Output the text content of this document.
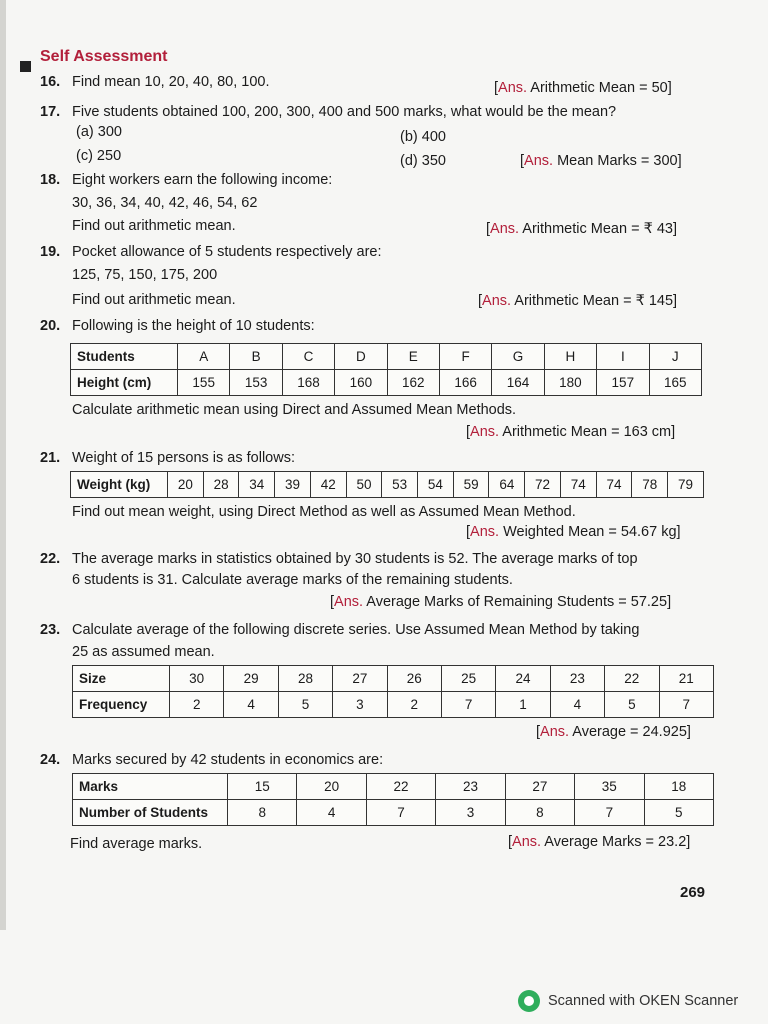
Self Assessment
16. Find mean 10, 20, 40, 80, 100.	[Ans. Arithmetic Mean = 50]
17. Five students obtained 100, 200, 300, 400 and 500 marks, what would be the mean?
(a) 300	(b) 400
(c) 250	(d) 350	[Ans. Mean Marks = 300]
18. Eight workers earn the following income:
30, 36, 34, 40, 42, 46, 54, 62
Find out arithmetic mean.	[Ans. Arithmetic Mean = ₹ 43]
19. Pocket allowance of 5 students respectively are:
125, 75, 150, 175, 200
Find out arithmetic mean.	[Ans. Arithmetic Mean = ₹ 145]
20. Following is the height of 10 students:
Students	A	B	C	D	E	F	G	H	I	J
Height (cm)	155	153	168	160	162	166	164	180	157	165
Calculate arithmetic mean using Direct and Assumed Mean Methods.
[Ans. Arithmetic Mean = 163 cm]
21. Weight of 15 persons is as follows:
Weight (kg)	20	28	34	39	42	50	53	54	59	64	72	74	74	78	79
Find out mean weight, using Direct Method as well as Assumed Mean Method.
[Ans. Weighted Mean = 54.67 kg]
22. The average marks in statistics obtained by 30 students is 52. The average marks of top
6 students is 31. Calculate average marks of the remaining students.
[Ans. Average Marks of Remaining Students = 57.25]
23. Calculate average of the following discrete series. Use Assumed Mean Method by taking
25 as assumed mean.
Size	30	29	28	27	26	25	24	23	22	21
Frequency	2	4	5	3	2	7	1	4	5	7
[Ans. Average = 24.925]
24. Marks secured by 42 students in economics are:
Marks	15	20	22	23	27	35	18
Number of Students	8	4	7	3	8	7	5
Find average marks.	[Ans. Average Marks = 23.2]
269
Scanned with OKEN Scanner
